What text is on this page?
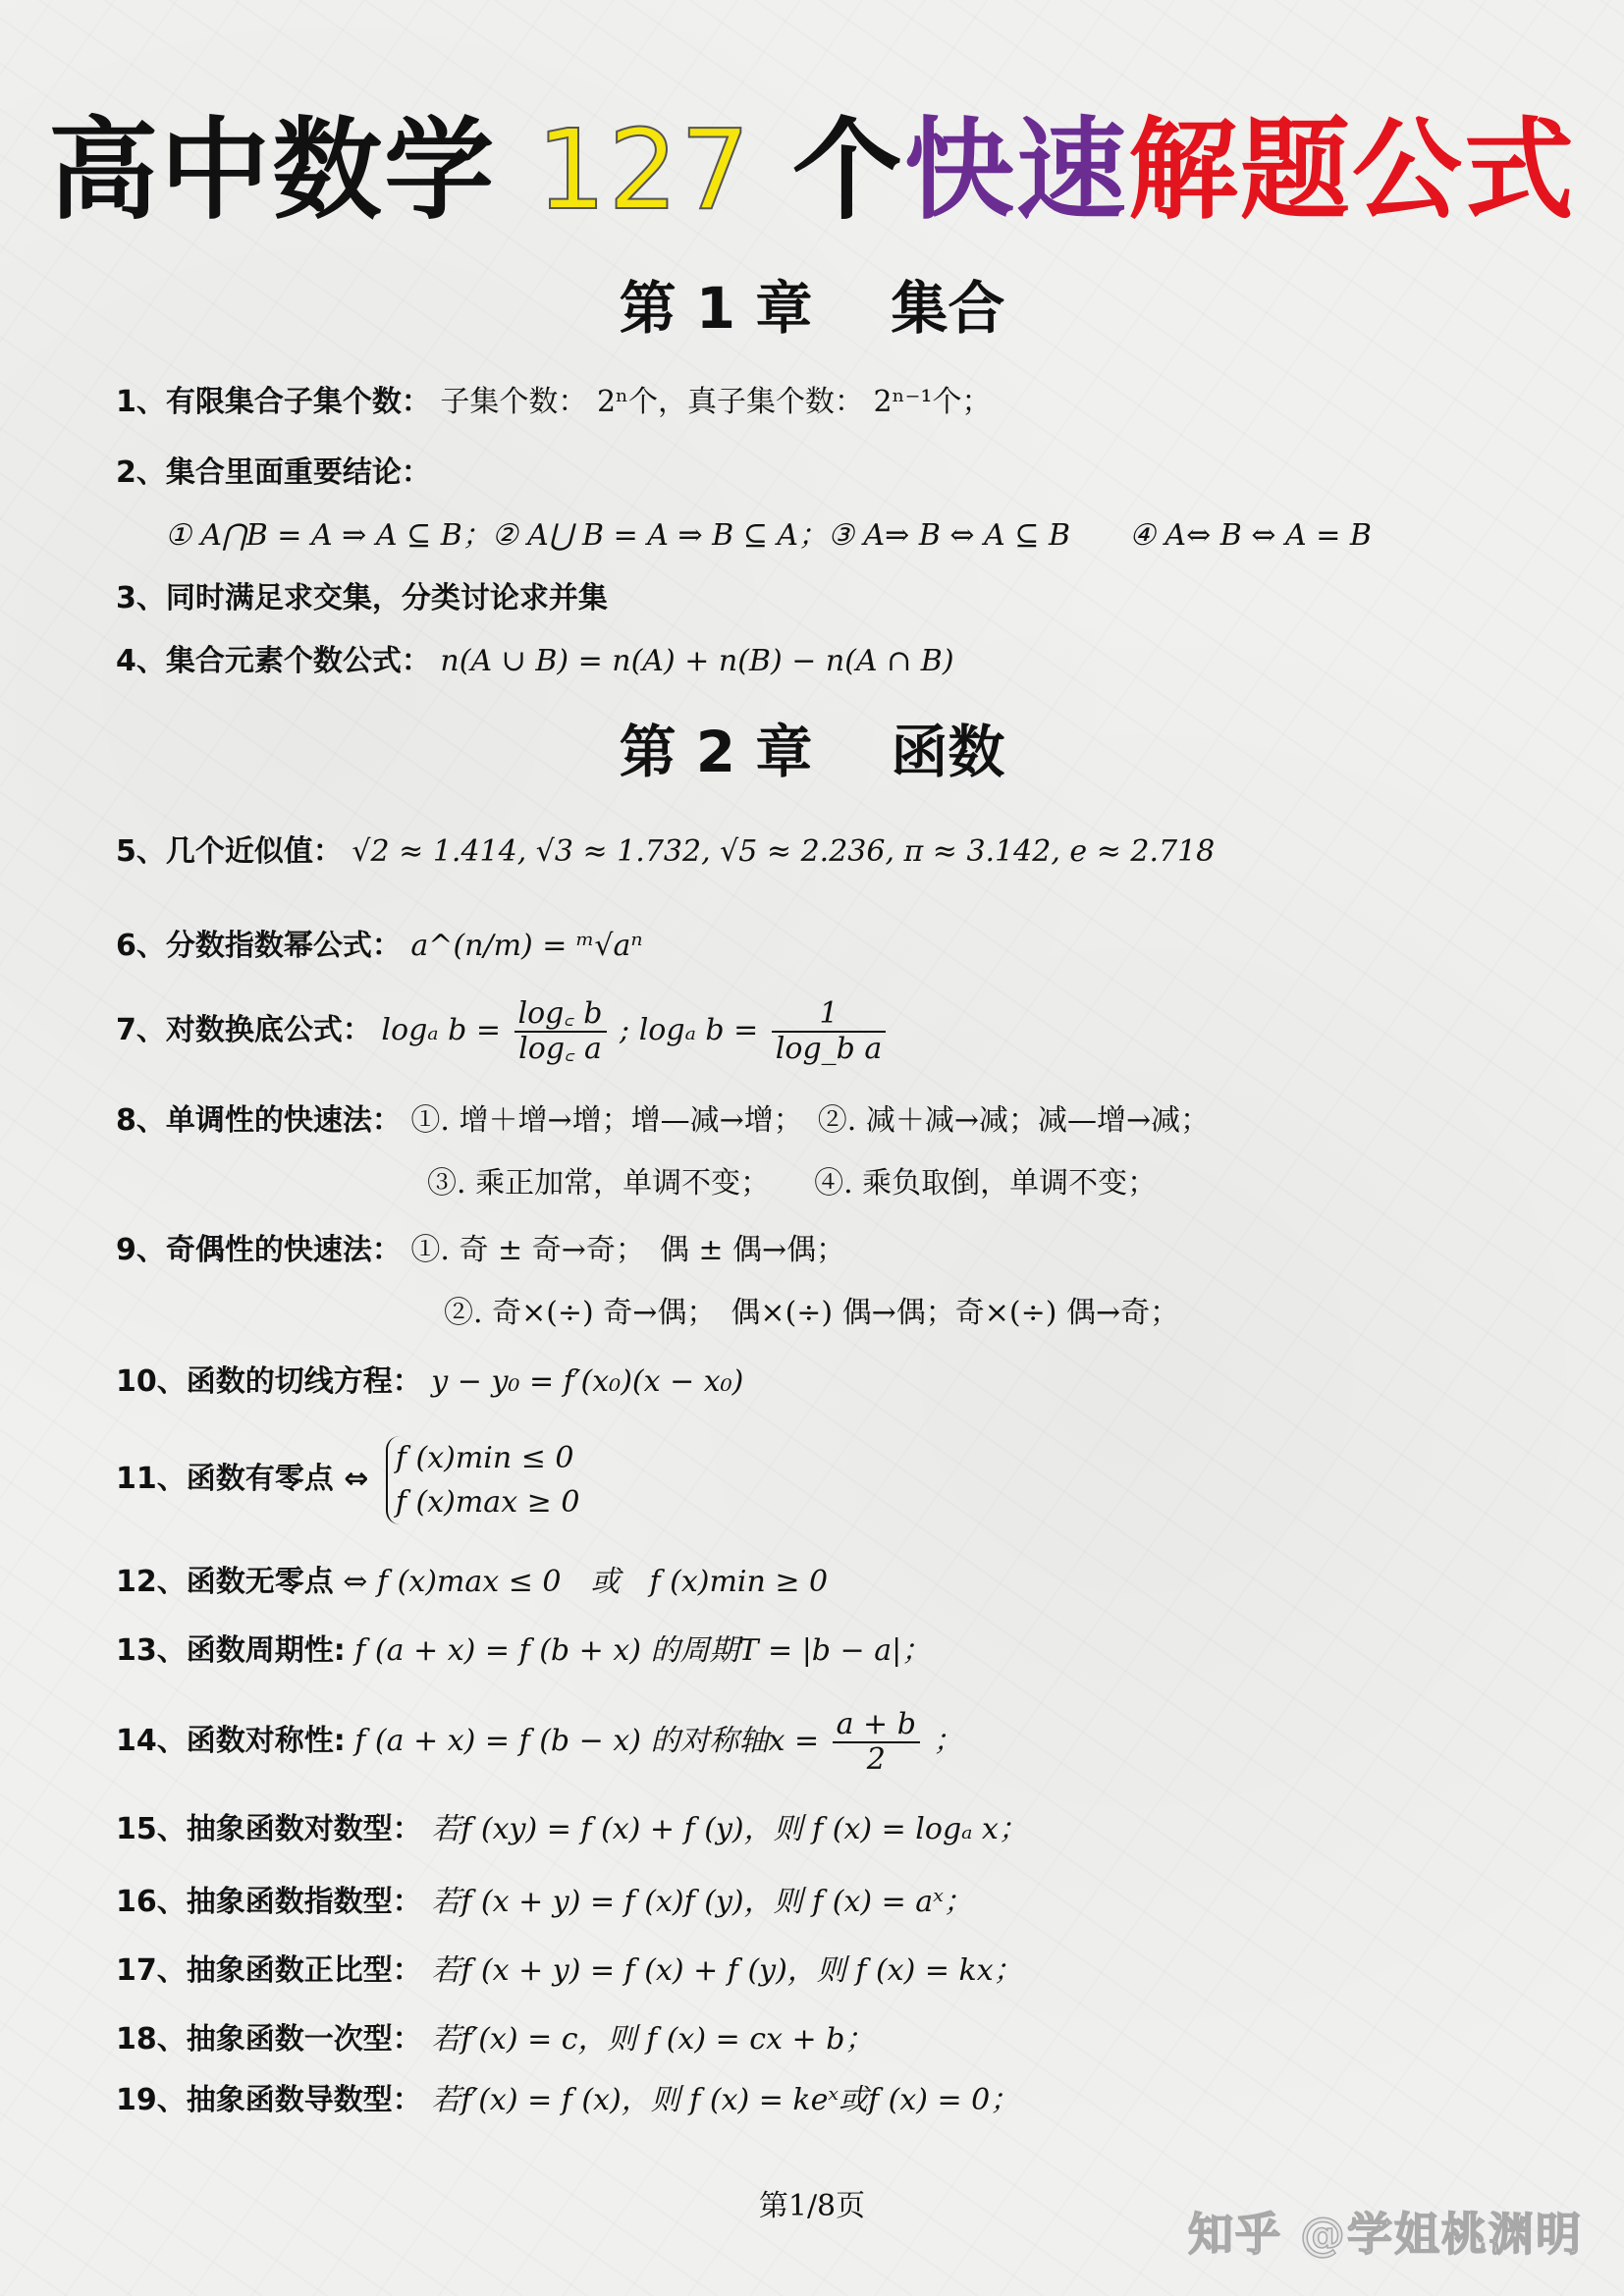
高中数学 127 个快速解题公式
第 1 章 集合
1、有限集合子集个数： 子集个数： 2ⁿ个，真子集个数： 2ⁿ⁻¹个；
2、集合里面重要结论：
① A⋂B = A ⇒ A ⊆ B；② A⋃ B = A ⇒ B ⊆ A；③ A⇒ B ⇔ A ⊆ B　　④ A⇔ B ⇔ A = B
3、同时满足求交集，分类讨论求并集
4、集合元素个数公式： n(A ∪ B) = n(A) + n(B) − n(A ∩ B)
第 2 章 函数
5、几个近似值： √2 ≈ 1.414, √3 ≈ 1.732, √5 ≈ 2.236, π ≈ 3.142, e ≈ 2.718
6、分数指数幂公式： a^(n/m) = ᵐ√aⁿ
7、对数换底公式： logₐ $b = \frac{\log꜀ b}{\log꜀ a}$ ; logₐ $b = \frac{1}{\text{log\_b a}}$
8、单调性的快速法： ①. 增＋增→增；增—减→增；　②. 减＋减→减；减—增→减；
③. 乘正加常，单调不变；　　④. 乘负取倒，单调不变；
9、奇偶性的快速法： ①. 奇 ± 奇→奇；　偶 ± 偶→偶；
②. 奇×(÷) 奇→偶；　偶×(÷) 偶→偶；奇×(÷) 偶→奇；
10、函数的切线方程： y − y₀ = f′(x₀)(x − x₀)
11、函数有零点 ⇔
f (x)min ≤ 0
f (x)max ≥ 0
12、函数无零点 ⇔ f (x)max ≤ 0　或　f (x)min ≥ 0
13、函数周期性: f (a + x) = f (b + x) 的周期T = |b − a|；
14、函数对称性: f (a + x) = f (b − x) 的对称轴$x = \frac{a + b}{2}$ ；
15、抽象函数对数型： 若f (xy) = f (x) + f (y)，则 f (x) = logₐ x；
16、抽象函数指数型： 若f (x + y) = f (x)f (y)，则 f (x) = aˣ；
17、抽象函数正比型： 若f (x + y) = f (x) + f (y)，则 f (x) = kx；
18、抽象函数一次型： 若f′(x) = c，则 f (x) = cx + b；
19、抽象函数导数型： 若f′(x) = f (x)，则 f (x) = keˣ或f (x) = 0；
第1/8页
知乎 @学姐桃渊明
